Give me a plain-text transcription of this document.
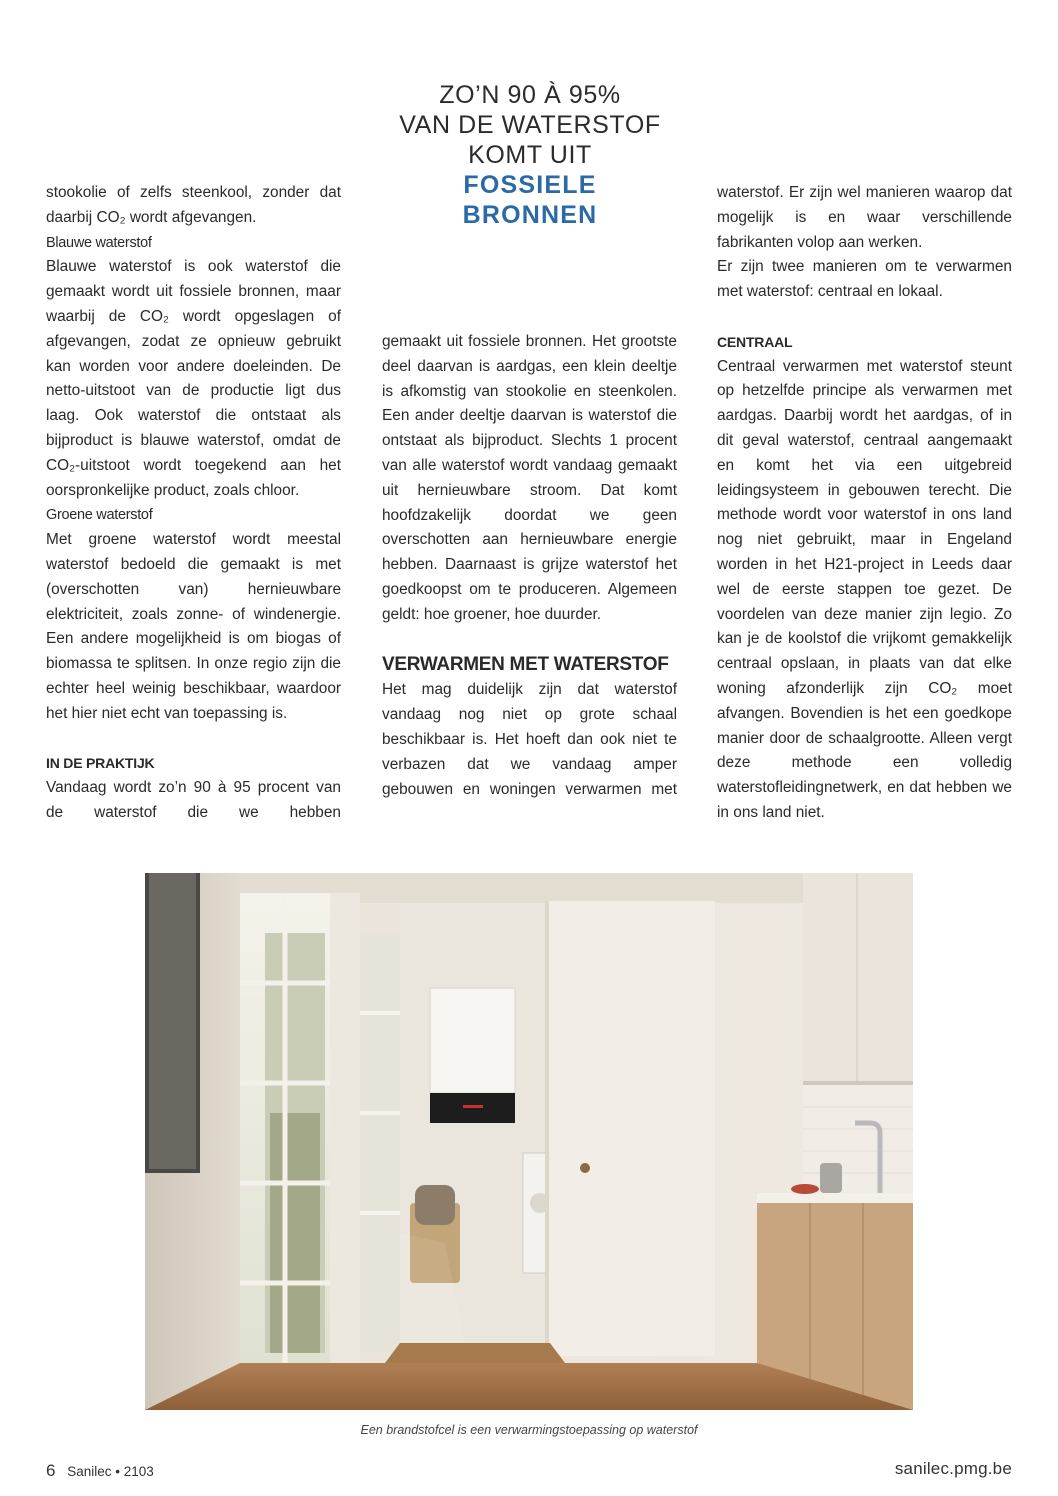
ZO’N 90 À 95%
VAN DE WATERSTOF
KOMT UIT
FOSSIELE
BRONNEN

stookolie of zelfs steenkool, zonder dat daarbij CO₂ wordt afgevangen.

Blauwe waterstof

Blauwe waterstof is ook waterstof die gemaakt wordt uit fossiele bronnen, maar waarbij de CO₂ wordt opgeslagen of afgevangen, zodat ze opnieuw gebruikt kan worden voor andere doeleinden. De netto-uitstoot van de productie ligt dus laag. Ook waterstof die ontstaat als bijproduct is blauwe waterstof, omdat de CO₂-uitstoot wordt toegekend aan het oorspronkelijke product, zoals chloor.

Groene waterstof

Met groene waterstof wordt meestal waterstof bedoeld die gemaakt is met (overschotten van) hernieuwbare elektriciteit, zoals zonne- of windenergie. Een andere mogelijkheid is om biogas of biomassa te splitsen. In onze regio zijn die echter heel weinig beschikbaar, waardoor het hier niet echt van toepassing is.

IN DE PRAKTIJK

Vandaag wordt zo’n 90 à 95 procent van de waterstof die we hebben

gemaakt uit fossiele bronnen. Het grootste deel daarvan is aardgas, een klein deeltje is afkomstig van stookolie en steenkolen. Een ander deeltje daarvan is waterstof die ontstaat als bijproduct. Slechts 1 procent van alle waterstof wordt vandaag gemaakt uit hernieuwbare stroom. Dat komt hoofdzakelijk doordat we geen overschotten aan hernieuwbare energie hebben. Daarnaast is grijze waterstof het goedkoopst om te produceren. Algemeen geldt: hoe groener, hoe duurder.

VERWARMEN MET WATERSTOF

Het mag duidelijk zijn dat waterstof vandaag nog niet op grote schaal beschikbaar is. Het hoeft dan ook niet te verbazen dat we vandaag amper gebouwen en woningen verwarmen met

waterstof. Er zijn wel manieren waarop dat mogelijk is en waar verschillende fabrikanten volop aan werken.

Er zijn twee manieren om te verwarmen met waterstof: centraal en lokaal.

CENTRAAL

Centraal verwarmen met waterstof steunt op hetzelfde principe als verwarmen met aardgas. Daarbij wordt het aardgas, of in dit geval waterstof, centraal aangemaakt en komt het via een uitgebreid leidingsysteem in gebouwen terecht. Die methode wordt voor waterstof in ons land nog niet gebruikt, maar in Engeland worden in het H21-project in Leeds daar wel de eerste stappen toe gezet. De voordelen van deze manier zijn legio. Zo kan je de koolstof die vrijkomt gemakkelijk centraal opslaan, in plaats van dat elke woning afzonderlijk zijn CO₂ moet afvangen. Bovendien is het een goedkope manier door de schaalgrootte. Alleen vergt deze methode een volledig waterstofleidingnetwerk, en dat hebben we in ons land niet.

Een brandstofcel is een verwarmingstoepassing op waterstof
6 Sanilec • 2103	sanilec.pmg.be
